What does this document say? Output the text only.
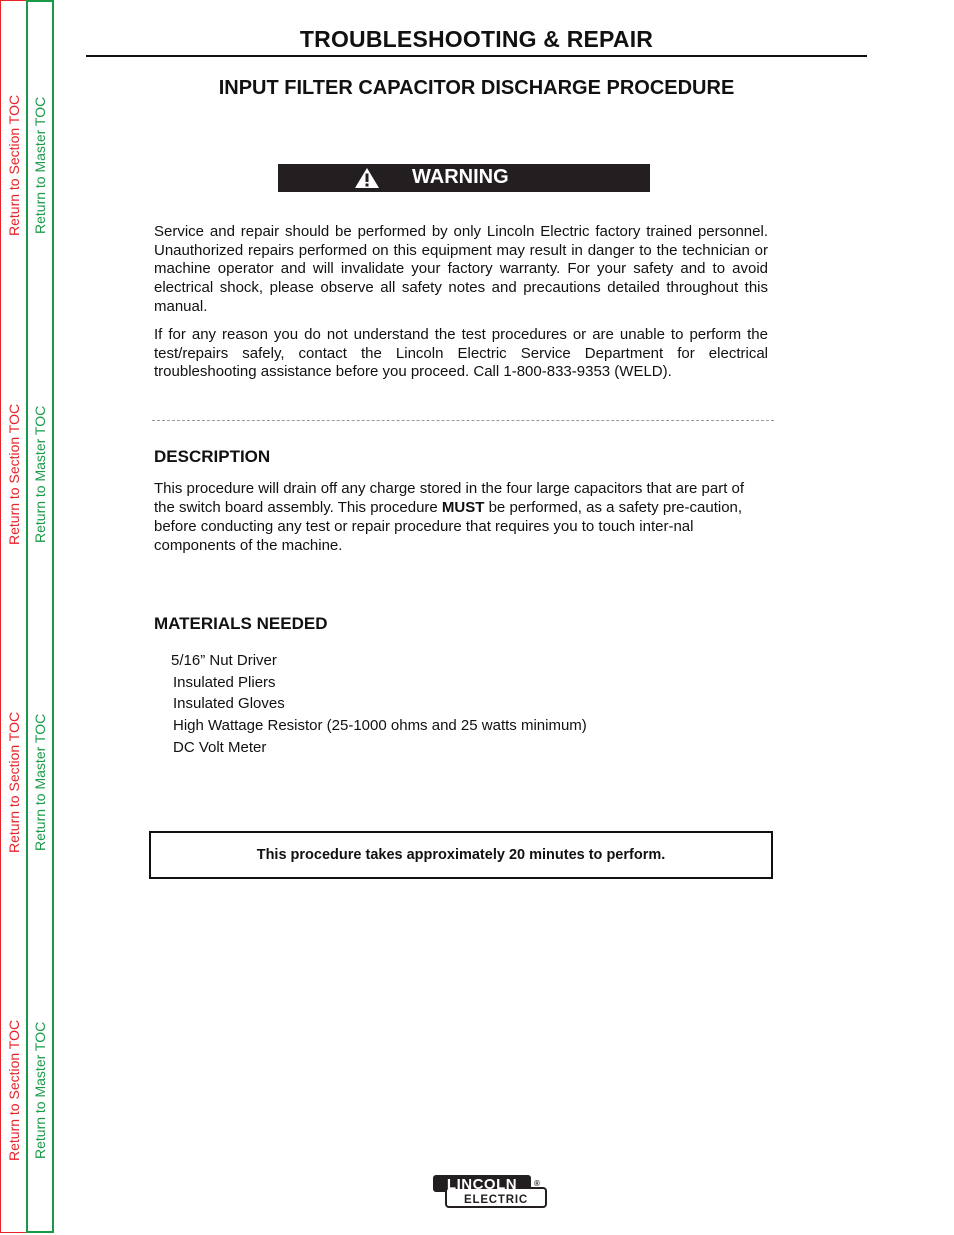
Return to Section TOC Return to Master TOC
Return to Section TOC Return to Master TOC
Return to Section TOC Return to Master TOC
Return to Section TOC Return to Master TOC
TROUBLESHOOTING & REPAIR
INPUT FILTER CAPACITOR DISCHARGE PROCEDURE
WARNING

Service and repair should be performed by only Lincoln Electric factory trained personnel. Unauthorized repairs performed on this equipment may result in danger to the technician or machine operator and will invalidate your factory warranty. For your safety and to avoid electrical shock, please observe all safety notes and precautions detailed throughout this manual.

If for any reason you do not understand the test procedures or are unable to perform the test/repairs safely, contact the Lincoln Electric Service Department for electrical troubleshooting assistance before you proceed. Call 1-800-833-9353 (WELD).

DESCRIPTION

This procedure will drain off any charge stored in the four large capacitors that are part of the switch board assembly. This procedure MUST be performed, as a safety pre-caution, before conducting any test or repair procedure that requires you to touch inter-nal components of the machine.

MATERIALS NEEDED
5/16” Nut Driver
Insulated Pliers
Insulated Gloves
High Wattage Resistor (25-1000 ohms and 25 watts minimum)
DC Volt Meter
This procedure takes approximately 20 minutes to perform.
LINCOLN
ELECTRIC
®
